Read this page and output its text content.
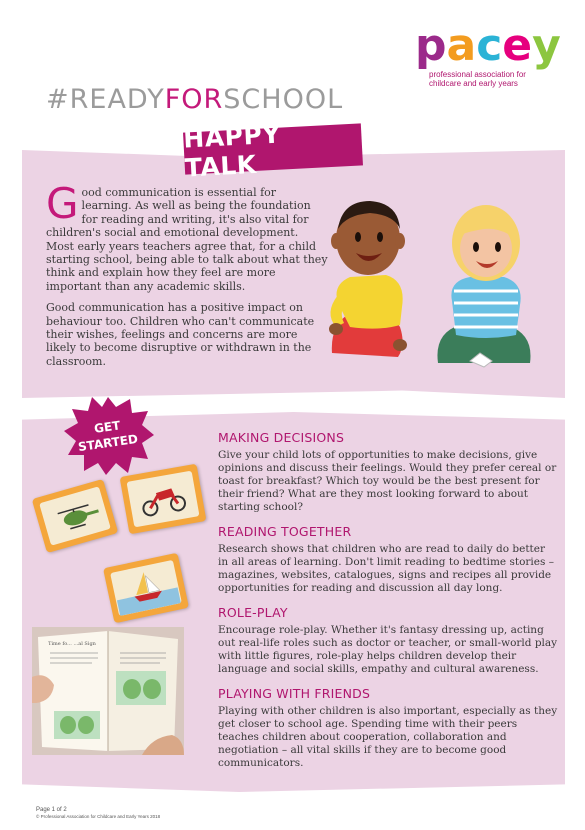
p a c e y
professional association for
childcare and early years
#READYFORSCHOOL
HAPPY TALK

Good communication is essential for learning. As well as being the foundation for reading and writing, it's also vital for children's social and emotional development. Most early years teachers agree that, for a child starting school, being able to talk about what they think and explain how they feel are more important than any academic skills.

Good communication has a positive impact on behaviour too. Children who can't communicate their wishes, feelings and concerns are more likely to become disruptive or withdrawn in the classroom.

GET
STARTED
Time fo... ...al Sign
MAKING DECISIONS

Give your child lots of opportunities to make decisions, give opinions and discuss their feelings. Would they prefer cereal or toast for breakfast? Which toy would be the best present for their friend? What are they most looking forward to about starting school?

READING TOGETHER

Research shows that children who are read to daily do better in all areas of learning. Don't limit reading to bedtime stories – magazines, websites, catalogues, signs and recipes all provide opportunities for reading and discussion all day long.

ROLE-PLAY

Encourage role-play. Whether it's fantasy dressing up, acting out real-life roles such as doctor or teacher, or small-world play with little figures, role-play helps children develop their language and social skills, empathy and cultural awareness.

PLAYING WITH FRIENDS

Playing with other children is also important, especially as they get closer to school age. Spending time with their peers teaches children about cooperation, collaboration and negotiation – all vital skills if they are to become good communicators.

Page 1 of 2
© Professional Association for Childcare and Early Years 2018
